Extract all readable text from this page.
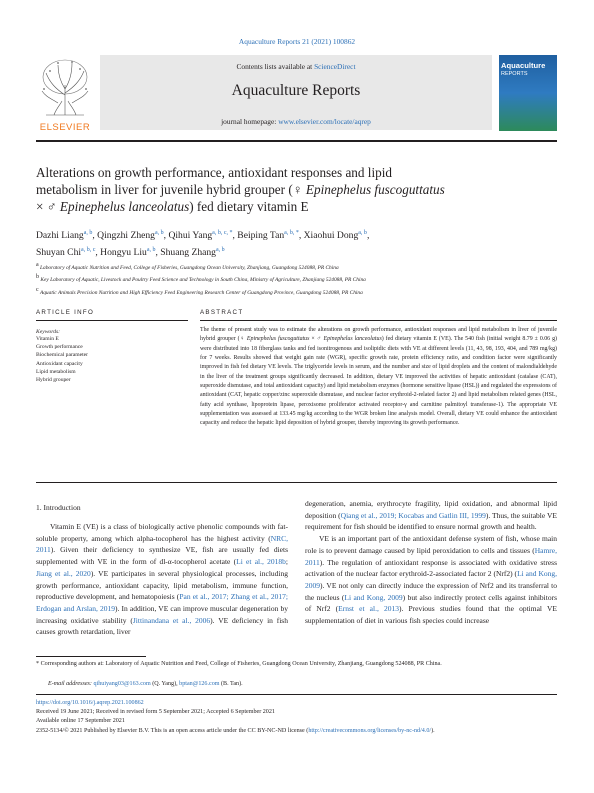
Aquaculture Reports 21 (2021) 100862
ELSEVIER
Contents lists available at ScienceDirect
Aquaculture Reports
journal homepage: www.elsevier.com/locate/aqrep
Aquaculture
REPORTS
Alterations on growth performance, antioxidant responses and lipid
metabolism in liver for juvenile hybrid grouper (♀ Epinephelus fuscoguttatus
× ♂ Epinephelus lanceolatus) fed dietary vitamin E
Dazhi Liang$^{a, b}$, Qingzhi Zheng$^{a, b}$, Qihui Yang$^{a, b, c, *}$, Beiping Tan$^{a, b, *}$, Xiaohui Dong$^{a, b}$,
Shuyan Chi$^{a, b, c}$, Hongyu Liu$^{a, b}$, Shuang Zhang$^{a, b}$
$^a$ Laboratory of Aquatic Nutrition and Feed, College of Fisheries, Guangdong Ocean University, Zhanjiang, Guangdong 524088, PR China
$^b$ Key Laboratory of Aquatic, Livestock and Poultry Feed Science and Technology in South China, Ministry of Agriculture, Zhanjiang 524088, PR China
$^c$ Aquatic Animals Precision Nutrition and High Efficiency Feed Engineering Research Center of Guangdong Province, Guangdong 524088, PR China
ARTICLE INFO	ABSTRACT
Keywords:
Vitamin E
Growth performance
Biochemical parameter
Antioxidant capacity
Lipid metabolism
Hybrid grouper
The theme of present study was to estimate the alterations on growth performance, antioxidant responses and lipid metabolism in liver of juvenile hybrid grouper (♀ Epinephelus fuscoguttatus × ♂ Epinephelus lanceolatus) fed dietary vitamin E (VE). The 540 fish (initial weight 8.79 ± 0.06 g) were distributed into 18 fiberglass tanks and fed isonitrogenous and isolipidic diets with VE at different levels (11, 43, 98, 193, 404, and 789 mg/kg) for 7 weeks. Results showed that weight gain rate (WGR), specific growth rate, protein efficiency ratio, and condition factor were significantly improved in fish fed dietary VE levels. The triglyceride levels in serum, and the number and size of lipid droplets and the content of malondialdehyde in the liver of the treatment groups significantly decreased. In addition, dietary VE improved the activities of hepatic antioxidant (catalase (CAT), superoxide dismutase, and total antioxidant capacity) and lipid metabolism enzymes (hormone sensitive lipase (HSL)) and regulated the expressions of antioxidant (CAT, hepatic copper/zinc superoxide dismutase, and nuclear factor erythroid-2-related factor 2) and lipid metabolism related genes (HSL, fatty acid synthase, lipoprotein lipase, peroxisome proliferator activated receptor-γ and carnitine palmitoyl transferase-1). The appropriate VE supplementation was assessed at 133.45 mg/kg according to the WGR broken line analysis model. Overall, dietary VE could enhance the antioxidant capacity and reduce the hepatic lipid deposition of hybrid grouper, thereby improving its growth performance.
1. Introduction
Vitamin E (VE) is a class of biologically active phenolic compounds with fat-soluble property, among which alpha-tocopherol has the highest activity (NRC, 2011). Given their deficiency to synthesize VE, fish are usually fed diets supplemented with VE in the form of dl-α-tocopherol acetate (Li et al., 2018b; Jiang et al., 2020). VE participates in several physiological processes, including growth performance, antioxidant capacity, lipid metabolism, immune function, reproductive development, and hematopoiesis (Pan et al., 2017; Zhang et al., 2017; Erdogan and Arslan, 2019). In addition, VE can improve muscular degeneration by increasing oxidative stability (Jittinandana et al., 2006). VE deficiency in fish causes growth retardation, liver
degeneration, anemia, erythrocyte fragility, lipid oxidation, and abnormal lipid deposition (Qiang et al., 2019; Kocabas and Gatlin III, 1999). Thus, the suitable VE requirement for fish should be identified to ensure normal growth and health.
VE is an important part of the antioxidant defense system of fish, whose main role is to prevent damage caused by lipid peroxidation to cells and tissues (Hamre, 2011). The regulation of antioxidant response is associated with oxidative stress activation of the nuclear factor erythroid-2-associated factor 2 (Nrf2) (Li and Kong, 2009). VE not only can directly induce the expression of Nrf2 and its transferral to the nucleus (Li and Kong, 2009) but also indirectly protect cells against inhibitors of Nrf2 (Ernst et al., 2013). Previous studies found that the optimal VE supplementation of diet in various fish species could increase
* Corresponding authors at: Laboratory of Aquatic Nutrition and Feed, College of Fisheries, Guangdong Ocean University, Zhanjiang, Guangdong 524088, PR China.
E-mail addresses: qihuiyang03@163.com (Q. Yang), bptan@126.com (B. Tan).
https://doi.org/10.1016/j.aqrep.2021.100862
Received 19 June 2021; Received in revised form 5 September 2021; Accepted 6 September 2021
Available online 17 September 2021
2352-5134/© 2021 Published by Elsevier B.V. This is an open access article under the CC BY-NC-ND license (http://creativecommons.org/licenses/by-nc-nd/4.0/).
